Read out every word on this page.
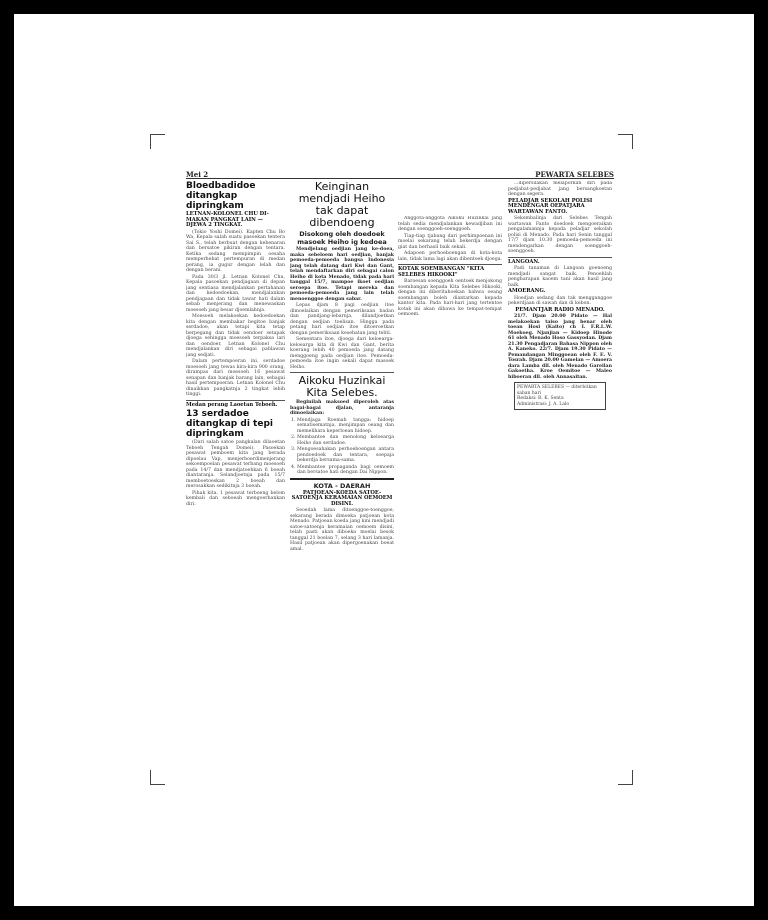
Mei 2	PEWARTA SELEBES

Bloedbadidoe ditangkap dipringkam

LETNAN-KOLONEL CHU DI-MAKAN PANGKAT LAIN — DJEWA 2 TINGKAT.

(Tokio Yoshi Domei). Kapten Chu Bo Wa, Kepala salah suatu pasoekan tentera Sai S., telah berbuat dengan kebenaran dan bersatoe pikiran dengan tentara. Ketika sedang mempimpin oesaha memperhebat pertempuran di medan perang, ia gugur dengan lelah dan dengan berani.

Pada 30/3 jl. Letnan Kolonel Chu, Kepala pasoekan pendjagaan di depan jang sentiasa mendjalankan pertahanan dan kedoedoekan, mendjalankan pendjagaan dan tidak tawar hati dalam sebab menjerang dan menewaskan moesoeh jang besar djoemlahnja.

Moesoeh melakoekan kedoedoekan kita dengan membakar begitoe banjak serdadoe, akan tetapi kita tetap berpegang dan tidak oendoer setapak djoega sehingga moesoeh terpaksa lari dan oendoer, Letnan Kolonel Chu mendjalankan diri sebagai pahlawan jang sedjati.

Dalam pertempoeran ini, serdadoe moesoeh jang tewas kira-kira 900 orang, dirampas dari moesoeh 16 pesawat senapan dan banjak barang lain, sebagai hasil pertempoeran. Letnan Kolonel Chu dinaikkan pangkatnja 2 tingkat lebih tinggi.

Medan perang Laoetan Teboeh.

13 serdadoe ditangkap di tepi dipringkam

(Dari salah satoe pangkalan dilaoetan Teboeh Tengah Domei). Pasoekan pesawat pemboem kita jang berada dipoelau Vap, menjerboerdimenjerang sekoempoelan pesawat terbang moesoeh pada 14/7 dan mendjatoehkan 6 boeah diantaranja. Selandjoetnja pada 15/7 memboetoeskan 2 boeah dan merosakkan sedikitnja 3 boeah.

Pihak kita, 1 pesawat terboeng belom kembali dan seboeah mengoerbankan diri.

Keinginan mendjadi Heiho tak dapat dibendoeng

Disokong oleh doedoek masoek Heiho ig kedoea

Mendjelang oedjian jang ke-doea, maka sebeloem hari oedjian, banjak pemoeda-pemoeda bangsa Indonesia jang telah datang dari Kwi dan Gant, telah mendaftarkan diri sebagai calon Heiho di kota Menado, tidak pada hari tanggal 15/7, mampoe ikoet oedjian seroepa itoe. Tetapi mereka dan pemoeda-pemoeda jang lain telah menoenggoe dengan sabar.

Lepas djam 8 pagi oedjian itoe dimoelaikan dengan pemeriksaan badan dan pandjang-lebarnja, dilandjoetkan dengan oedjian toelisan. Hingga pada petang hari oedjian itoe ditoeroetkan dengan pemeriksaan kesehatan jang teliti.

Sementara itoe, djoega dari keloearga-keloearga kita di Kwi dan Gant, berita koerang lebih 40 pemoeda jang datang menggoeng pada oedjian itoe. Pemoeda-pemoeda itoe ingin sekali dapat masoek Heiho.

Aikoku Huzinkai Kita Selebes.

Beginilah maksoed diperoleh atas bagai-bagai djalan, antaranja dimoelaikan:

1. Mendjaga Roemah tangga: hidoep sematisematnja, menjimpan oeang dan memelihara keperloean hidoep.
2. Membantoe dan menolong keloearga Heiho dan serdadoe.
3. Mengoesahakan perhoeboengan antara pendoedoek dan tentara, soepaja bekerdja bersama-sama.
4. Membantoe propaganda bagi oemoem dan bersatoe hati dengan Dai Nippon.

KOTA - DAERAH

PATJOEAN-KOEDA SATOE-SATOENJA KERAMAIAN OEMOEM DISINI.

Seoedah lama ditoenggoe-toenggoe, sekarang berada dimoeka patjoean kota Menado. Patjoean koeda jang kini mendjadi satoe-satoenja keramaian oemoem disini, telah pasti akan diboeka moelai besok tanggal 21 boelan 7, selang 3 hari lamanja. Hasil patjoean akan dipergoenakan boeat amal.

Anggota-anggota Aikoku Huzinkai jang telah sedia mendjalankan kewadjiban ini dengan soenggoeh-soenggoeh.

Tiap-tiap tjabang dari perhimpoenan ini moelai sekarang telah bekerdja dengan giat dan berhasil baik sekali.

Adapoen perhoeboengan di kota-kota lain, tidak lama lagi akan dibentoek djoega.

KOTAK SOEMBANGAN "KITA SELEBES HIKOOKI"

Baroesan soenggoeh oentoek menjokong soembangan kepada Kita Selebes Hikooki, dengan ini diberitahoekan bahwa oeang soembangan boleh diantarkan kepada kantor kita. Pada hari-hari jang tertentoe kotak ini akan dibawa ke tempat-tempat oemoem.

...dipersilakan melaporkan diri pada pedjabat-pedjabat jang bersangkoetan dengan segera.

PELADJAR SEKOLAH POLISI MENDENGAR OEPATJARA WARTAWAN FANTO.

Sekembalinja dari Selebes Tengah wartawan Fanto doedoek mengoeraikan pengalamannja kepada peladjar sekolah polisi di Menado. Pada hari Senin tanggal 17/7 djam 10.30 pemoeda-pemoeda ini mendengarkan dengan soenggoeh-soenggoeh.

LANGOAN.

Padi tanaman di Langoan goenoeng mendjadi sangat baik. Penoehlah pengharapan kaoem tani akan hasil jang baik.

AMOERANG.

Hoedjan sedang dan tak mengganggoe pekerdjaan di sawah dan di kebon.

PEMANTJAR RADIO MENADO.

21/7. Djam 20.00 Pidato — Hal melakoekan taiso jang benar oleh toean Hosi (Kaito) ch I. F.R.L.W. Moekoeg. Njanjian — Kidoep Hinode 61 oleh Menado Hoso Gassyodan. Djam 21.30 Pengadjaran Bahasa Nippon oleh A. Kaneko. 22/7. Djam 19.30 Pidato — Pemandangan Minggoean oleh F. E. V. Tosrah. Djam 20.00 Gamelan — Amoera dara Lamba dll. oleh Menado Gareilan Gakoetha. Kroe Oemitoe — Maleo hiboeran dll. oleh Annasaitan.

PEWARTA SELEBES — diterbitkan saban hari
Redaksi: R. K. Senta
Administrasi: J. A. Lalo
